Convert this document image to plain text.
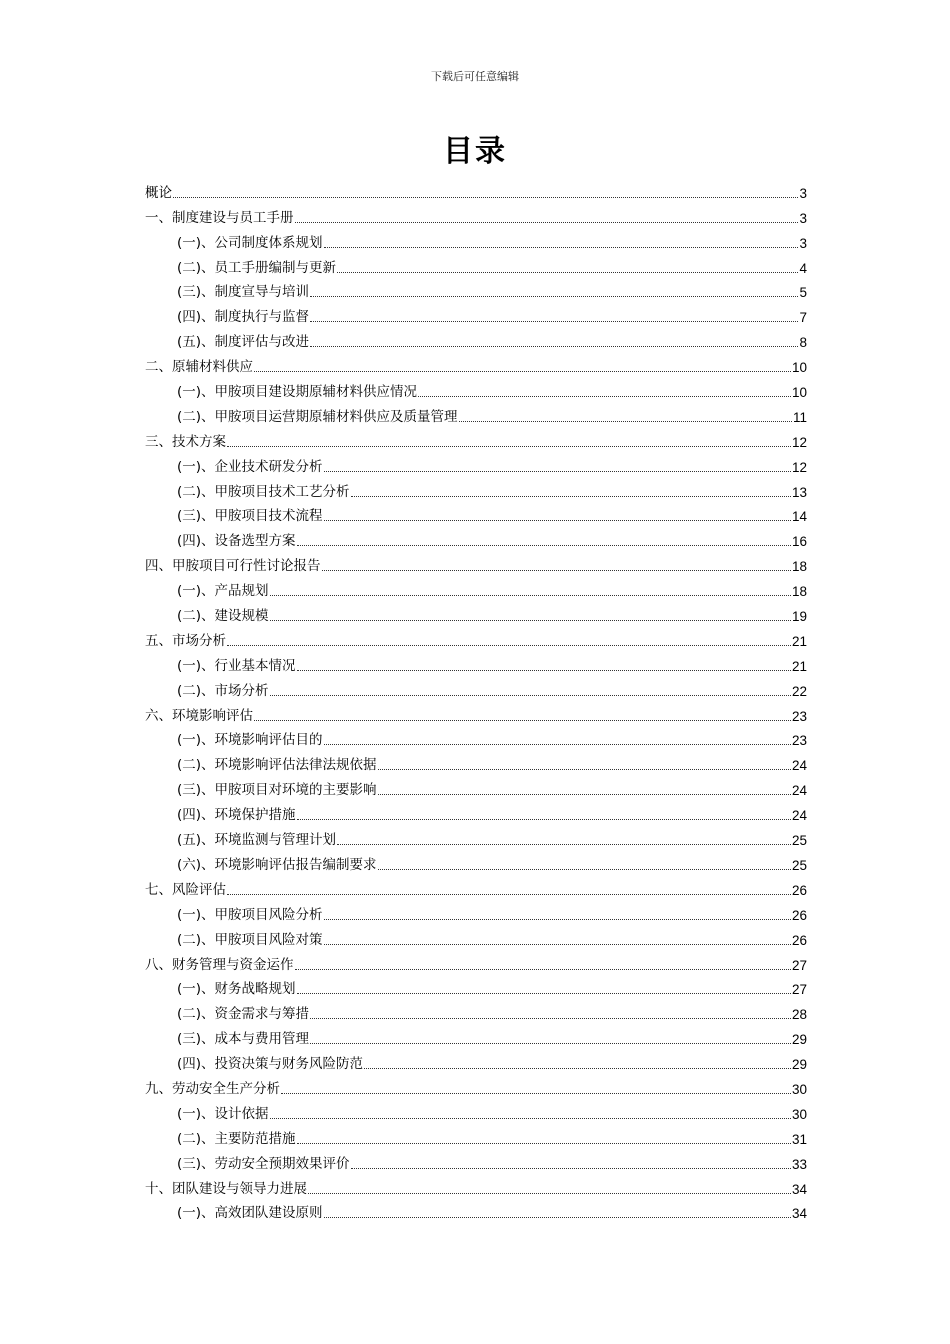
下载后可任意编辑
目录
概论	3
一、制度建设与员工手册	3
(一)、公司制度体系规划	3
(二)、员工手册编制与更新	4
(三)、制度宣导与培训	5
(四)、制度执行与监督	7
(五)、制度评估与改进	8
二、原辅材料供应	10
(一)、甲胺项目建设期原辅材料供应情况	10
(二)、甲胺项目运营期原辅材料供应及质量管理	11
三、技术方案	12
(一)、企业技术研发分析	12
(二)、甲胺项目技术工艺分析	13
(三)、甲胺项目技术流程	14
(四)、设备选型方案	16
四、甲胺项目可行性讨论报告	18
(一)、产品规划	18
(二)、建设规模	19
五、市场分析	21
(一)、行业基本情况	21
(二)、市场分析	22
六、环境影响评估	23
(一)、环境影响评估目的	23
(二)、环境影响评估法律法规依据	24
(三)、甲胺项目对环境的主要影响	24
(四)、环境保护措施	24
(五)、环境监测与管理计划	25
(六)、环境影响评估报告编制要求	25
七、风险评估	26
(一)、甲胺项目风险分析	26
(二)、甲胺项目风险对策	26
八、财务管理与资金运作	27
(一)、财务战略规划	27
(二)、资金需求与筹措	28
(三)、成本与费用管理	29
(四)、投资决策与财务风险防范	29
九、劳动安全生产分析	30
(一)、设计依据	30
(二)、主要防范措施	31
(三)、劳动安全预期效果评价	33
十、团队建设与领导力进展	34
(一)、高效团队建设原则	34
